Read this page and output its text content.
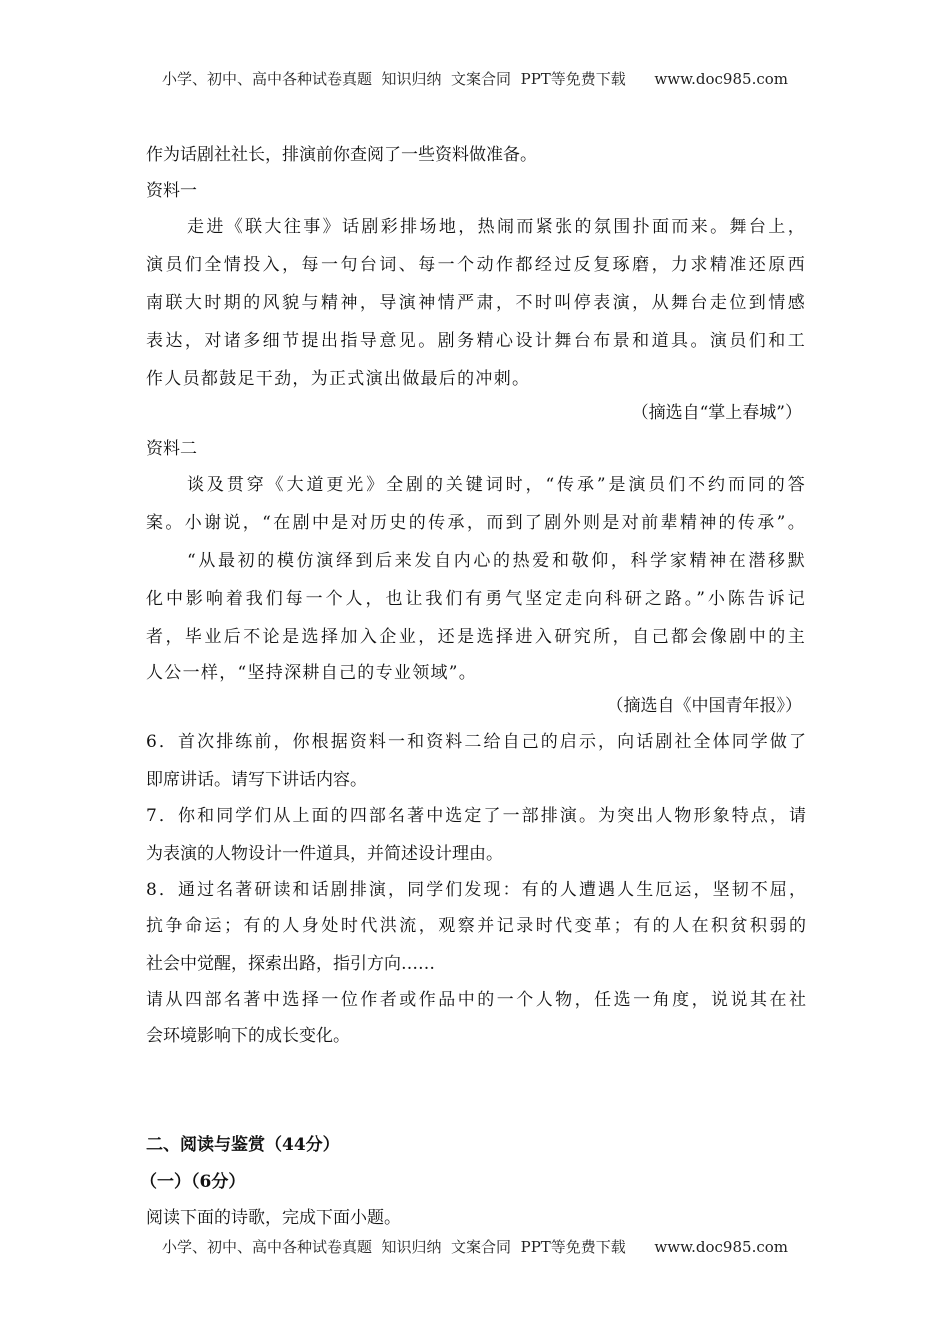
小学、初中、高中各种试卷真题  知识归纳  文案合同  PPT等免费下载      www.doc985.com
作为话剧社社长，排演前你查阅了一些资料做准备。
资料一
走进《联大往事》话剧彩排场地，热闹而紧张的氛围扑面而来。舞台上，
演员们全情投入，每一句台词、每一个动作都经过反复琢磨，力求精准还原西
南联大时期的风貌与精神，导演神情严肃，不时叫停表演，从舞台走位到情感
表达，对诸多细节提出指导意见。剧务精心设计舞台布景和道具。演员们和工
作人员都鼓足干劲，为正式演出做最后的冲刺。
（摘选自“掌上春城”）
资料二
谈及贯穿《大道更光》全剧的关键词时，“传承”是演员们不约而同的答
案。小谢说，“在剧中是对历史的传承，而到了剧外则是对前辈精神的传承”。
“从最初的模仿演绎到后来发自内心的热爱和敬仰，科学家精神在潜移默
化中影响着我们每一个人，也让我们有勇气坚定走向科研之路。”小陈告诉记
者，毕业后不论是选择加入企业，还是选择进入研究所，自己都会像剧中的主
人公一样，“坚持深耕自己的专业领域”。
（摘选自《中国青年报》）
6．首次排练前，你根据资料一和资料二给自己的启示，向话剧社全体同学做了
即席讲话。请写下讲话内容。
7．你和同学们从上面的四部名著中选定了一部排演。为突出人物形象特点，请
为表演的人物设计一件道具，并简述设计理由。
8．通过名著研读和话剧排演，同学们发现：有的人遭遇人生厄运，坚韧不屈，
抗争命运；有的人身处时代洪流，观察并记录时代变革；有的人在积贫积弱的
社会中觉醒，探索出路，指引方向……
请从四部名著中选择一位作者或作品中的一个人物，任选一角度，说说其在社
会环境影响下的成长变化。
二、阅读与鉴赏（44分）
（一）（6分）
阅读下面的诗歌，完成下面小题。
小学、初中、高中各种试卷真题  知识归纳  文案合同  PPT等免费下载      www.doc985.com
